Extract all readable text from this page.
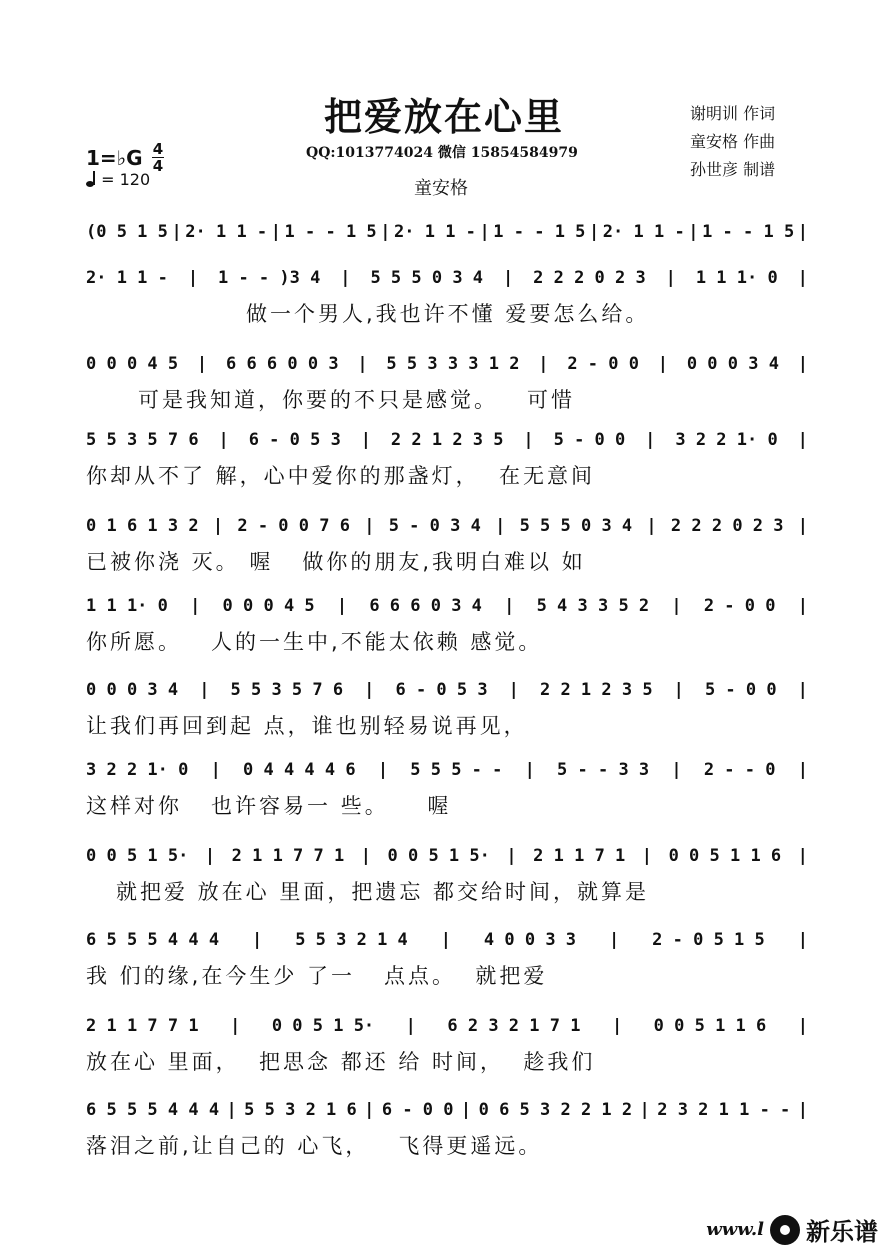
把爱放在心里
QQ:1013774024 微信 15854584979
童安格
谢明训 作词
童安格 作曲
孙世彦 制谱
1=♭G 4
4
= 120
(0 5 1 5 | 2· 1 1 - | 1 - - 1 5 | 2· 1 1 - | 1 - - 1 5 | 2· 1 1 - | 1 - - 1 5 |
2· 1 1 - | 1 - - )3 4 | 5 5 5 0 3 4 | 2 2 2 0 2 3 | 1 1 1· 0 |
做一个男人,我也许不懂 爱要怎么给。
0 0 0 4 5 | 6 6 6 0 0 3 | 5 5 3 3 3 1 2 | 2 - 0 0 | 0 0 0 3 4 |
可是我知道，你要的不只是感觉。   可惜
5 5 3 5 7 6 | 6 - 0 5 3 | 2 2 1 2 3 5 | 5 - 0 0 | 3 2 2 1· 0 |
你却从不了 解，心中爱你的那盏灯，  在无意间
0 1 6 1 3 2 | 2 - 0 0 7 6 | 5 - 0 3 4 | 5 5 5 0 3 4 | 2 2 2 0 2 3 |
已被你浇 灭。 喔   做你的朋友,我明白难以 如
1 1 1· 0 | 0 0 0 4 5 | 6 6 6 0 3 4 | 5 4 3 3 5 2 | 2 - 0 0 |
你所愿。   人的一生中,不能太依赖 感觉。
0 0 0 3 4 | 5 5 3 5 7 6 | 6 - 0 5 3 | 2 2 1 2 3 5 | 5 - 0 0 |
让我们再回到起 点，谁也别轻易说再见，
3 2 2 1· 0 | 0 4 4 4 4 6 | 5 5 5 - - | 5 - - 3 3 | 2 - - 0 |
这样对你   也许容易一 些。    喔
0 0 5 1 5· | 2 1 1 7 7 1 | 0 0 5 1 5· | 2 1 1 7 1 | 0 0 5 1 1 6 |
就把爱 放在心 里面，把遗忘 都交给时间，就算是
6 5 5 5 4 4 4 | 5 5 3 2 1 4 | 4 0 0 3 3 | 2 - 0 5 1 5 |
我 们的缘,在今生少 了一   点点。  就把爱
2 1 1 7 7 1 | 0 0 5 1 5· | 6 2 3 2 1 7 1 | 0 0 5 1 1 6 |
放在心 里面，  把思念 都还 给 时间，  趁我们
6 5 5 5 4 4 4 | 5 5 3 2 1 6 | 6 - 0 0 | 0 6 5 3 2 2 1 2 | 2 3 2 1 1 - - |
落泪之前,让自己的 心飞，   飞得更遥远。
www.l 新乐谱
